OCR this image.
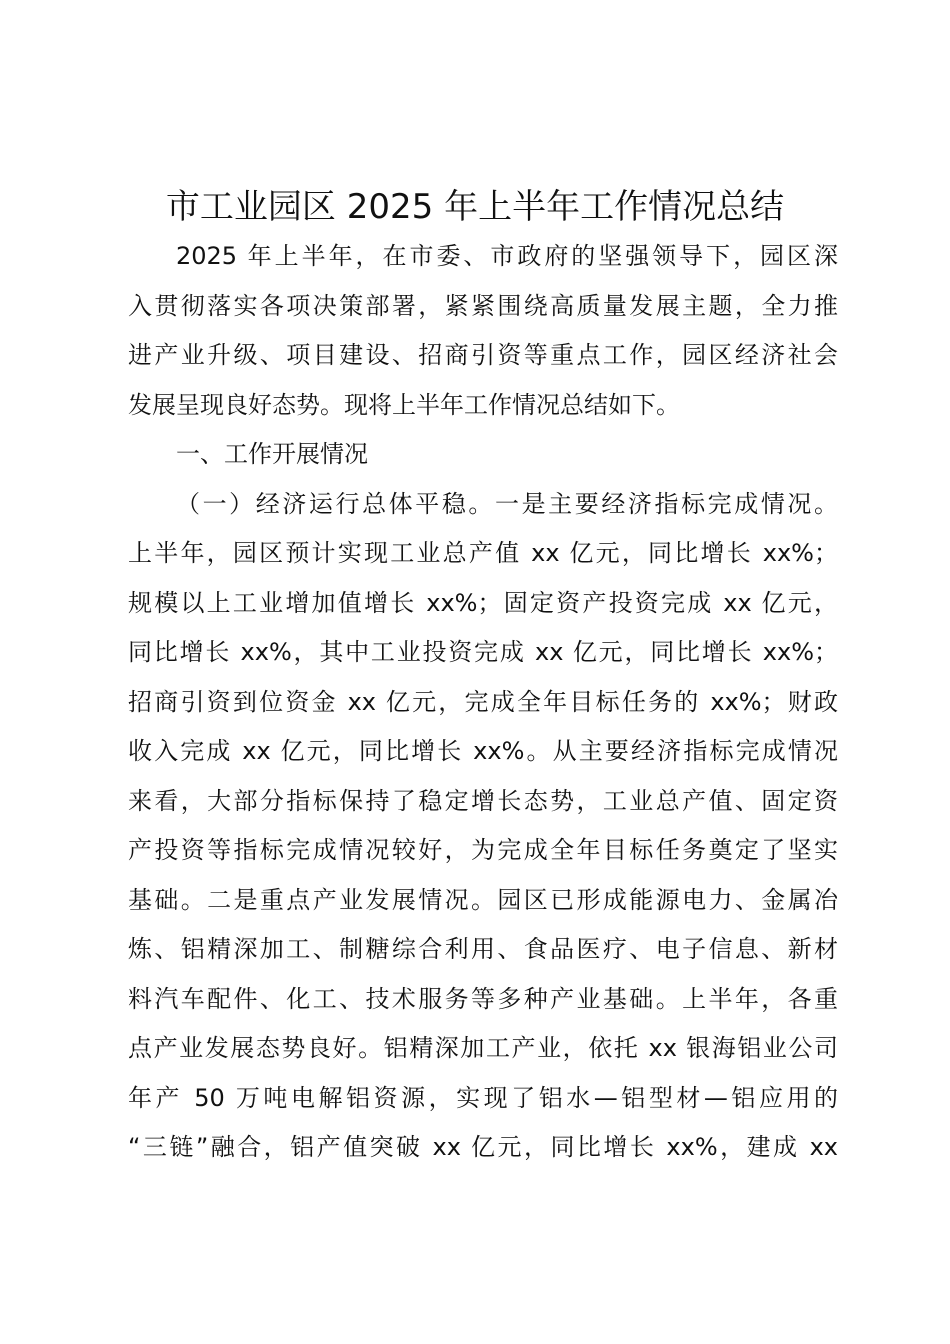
市工业园区 2025 年上半年工作情况总结
2025 年上半年，在市委、市政府的坚强领导下，园区深
入贯彻落实各项决策部署，紧紧围绕高质量发展主题，全力推
进产业升级、项目建设、招商引资等重点工作，园区经济社会
发展呈现良好态势。现将上半年工作情况总结如下。
一、工作开展情况
（一）经济运行总体平稳。一是主要经济指标完成情况。
上半年，园区预计实现工业总产值 xx 亿元，同比增长 xx%；
规模以上工业增加值增长 xx%；固定资产投资完成 xx 亿元，
同比增长 xx%，其中工业投资完成 xx 亿元，同比增长 xx%；
招商引资到位资金 xx 亿元，完成全年目标任务的 xx%；财政
收入完成 xx 亿元，同比增长 xx%。从主要经济指标完成情况
来看，大部分指标保持了稳定增长态势，工业总产值、固定资
产投资等指标完成情况较好，为完成全年目标任务奠定了坚实
基础。二是重点产业发展情况。园区已形成能源电力、金属冶
炼、铝精深加工、制糖综合利用、食品医疗、电子信息、新材
料汽车配件、化工、技术服务等多种产业基础。上半年，各重
点产业发展态势良好。铝精深加工产业，依托 xx 银海铝业公司
年产 50 万吨电解铝资源，实现了铝水—铝型材—铝应用的
“三链”融合，铝产值突破 xx 亿元，同比增长 xx%，建成 xx
